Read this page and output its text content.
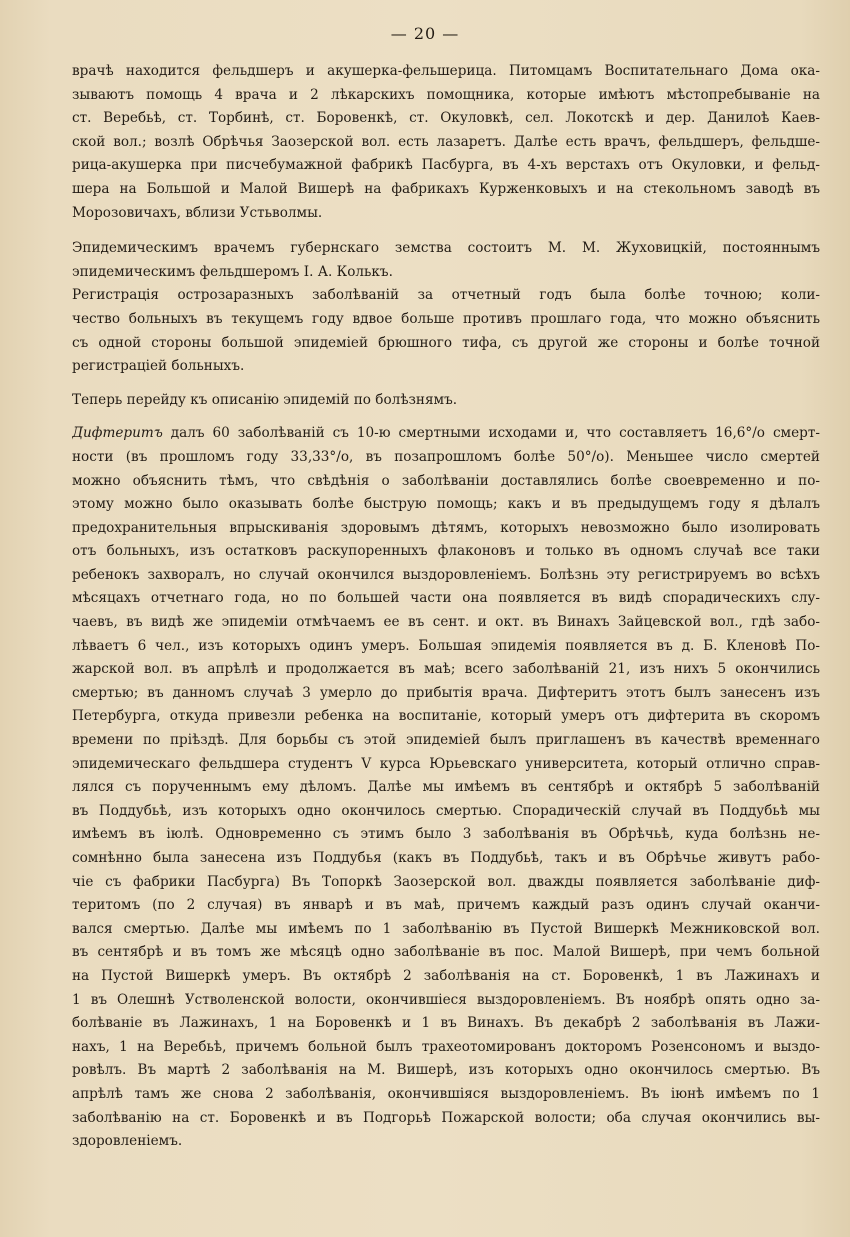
— 20 —

врачѣ находится фельдшеръ и акушерка-фельшерица. Питомцамъ Воспитательнаго Дома ока-
зываютъ помощь 4 врача и 2 лѣкарскихъ помощника, которые имѣютъ мѣстопребываніе на
ст. Веребьѣ, ст. Торбинѣ, ст. Боровенкѣ, ст. Окуловкѣ, сел. Локотскѣ и дер. Данилоѣ Каев-
ской вол.; возлѣ Обрѣчья Заозерской вол. есть лазаретъ. Далѣе есть врачъ, фельдшеръ, фельдше-
рица-акушерка при писчебумажной фабрикѣ Пасбурга, въ 4-хъ верстахъ отъ Окуловки, и фельд-
шера на Большой и Малой Вишерѣ на фабрикахъ Курженковыхъ и на стекольномъ заводѣ въ
Морозовичахъ, вблизи Устьволмы.

Эпидемическимъ врачемъ губернскаго земства состоитъ М. М. Жуховицкій, постояннымъ
эпидемическимъ фельдшеромъ І. А. Колькъ.

Регистрація острозаразныхъ заболѣваній за отчетный годъ была болѣе точною; коли-
чество больныхъ въ текущемъ году вдвое больше противъ прошлаго года, что можно объяснить
съ одной стороны большой эпидеміей брюшного тифа, съ другой же стороны и болѣе точной
регистраціей больныхъ.

Теперь перейду къ описанію эпидемій по болѣзнямъ.

Дифтеритъ далъ 60 заболѣваній съ 10-ю смертными исходами и, что составляетъ 16,6°/о смерт-
ности (въ прошломъ году 33,33°/о, въ позапрошломъ болѣе 50°/о). Меньшее число смертей
можно объяснить тѣмъ, что свѣдѣнія о заболѣваніи доставлялись болѣе своевременно и по-
этому можно было оказывать болѣе быструю помощь; какъ и въ предыдущемъ году я дѣлалъ
предохранительныя впрыскиванія здоровымъ дѣтямъ, которыхъ невозможно было изолировать
отъ больныхъ, изъ остатковъ раскупоренныхъ флаконовъ и только въ одномъ случаѣ все таки
ребенокъ захворалъ, но случай окончился выздоровленіемъ. Болѣзнь эту регистрируемъ во всѣхъ
мѣсяцахъ отчетнаго года, но по большей части она появляется въ видѣ спорадическихъ слу-
чаевъ, въ видѣ же эпидеміи отмѣчаемъ ее въ сент. и окт. въ Винахъ Зайцевской вол., гдѣ забо-
лѣваетъ 6 чел., изъ которыхъ одинъ умеръ. Большая эпидемія появляется въ д. Б. Кленовѣ По-
жарской вол. въ апрѣлѣ и продолжается въ маѣ; всего заболѣваній 21, изъ нихъ 5 окончились
смертью; въ данномъ случаѣ 3 умерло до прибытія врача. Дифтеритъ этотъ былъ занесенъ изъ
Петербурга, откуда привезли ребенка на воспитаніе, который умеръ отъ дифтерита въ скоромъ
времени по пріѣздѣ. Для борьбы съ этой эпидеміей былъ приглашенъ въ качествѣ временнаго
эпидемическаго фельдшера студентъ V курса Юрьевскаго университета, который отлично справ-
лялся съ порученнымъ ему дѣломъ. Далѣе мы имѣемъ въ сентябрѣ и октябрѣ 5 заболѣваній
въ Поддубьѣ, изъ которыхъ одно окончилось смертью. Спорадическій случай въ Поддубьѣ мы
имѣемъ въ іюлѣ. Одновременно съ этимъ было 3 заболѣванія въ Обрѣчьѣ, куда болѣзнь не-
сомнѣнно была занесена изъ Поддубья (какъ въ Поддубьѣ, такъ и въ Обрѣчье живутъ рабо-
чіе съ фабрики Пасбурга) Въ Топоркѣ Заозерской вол. дважды появляется заболѣваніе диф-
теритомъ (по 2 случая) въ январѣ и въ маѣ, причемъ каждый разъ одинъ случай оканчи-
вался смертью. Далѣе мы имѣемъ по 1 заболѣванію въ Пустой Вишеркѣ Межниковской вол.
въ сентябрѣ и въ томъ же мѣсяцѣ одно заболѣваніе въ пос. Малой Вишерѣ, при чемъ больной
на Пустой Вишеркѣ умеръ. Въ октябрѣ 2 заболѣванія на ст. Боровенкѣ, 1 въ Лажинахъ и
1 въ Олешнѣ Устволенской волости, окончившіеся выздоровленіемъ. Въ ноябрѣ опять одно за-
болѣваніе въ Лажинахъ, 1 на Боровенкѣ и 1 въ Винахъ. Въ декабрѣ 2 заболѣванія въ Лажи-
нахъ, 1 на Веребьѣ, причемъ больной былъ трахеотомированъ докторомъ Розенсономъ и выздо-
ровѣлъ. Въ мартѣ 2 заболѣванія на М. Вишерѣ, изъ которыхъ одно окончилось смертью. Въ
апрѣлѣ тамъ же снова 2 заболѣванія, окончившіяся выздоровленіемъ. Въ іюнѣ имѣемъ по 1
заболѣванію на ст. Боровенкѣ и въ Подгорьѣ Пожарской волости; оба случая окончились вы-
здоровленіемъ.
